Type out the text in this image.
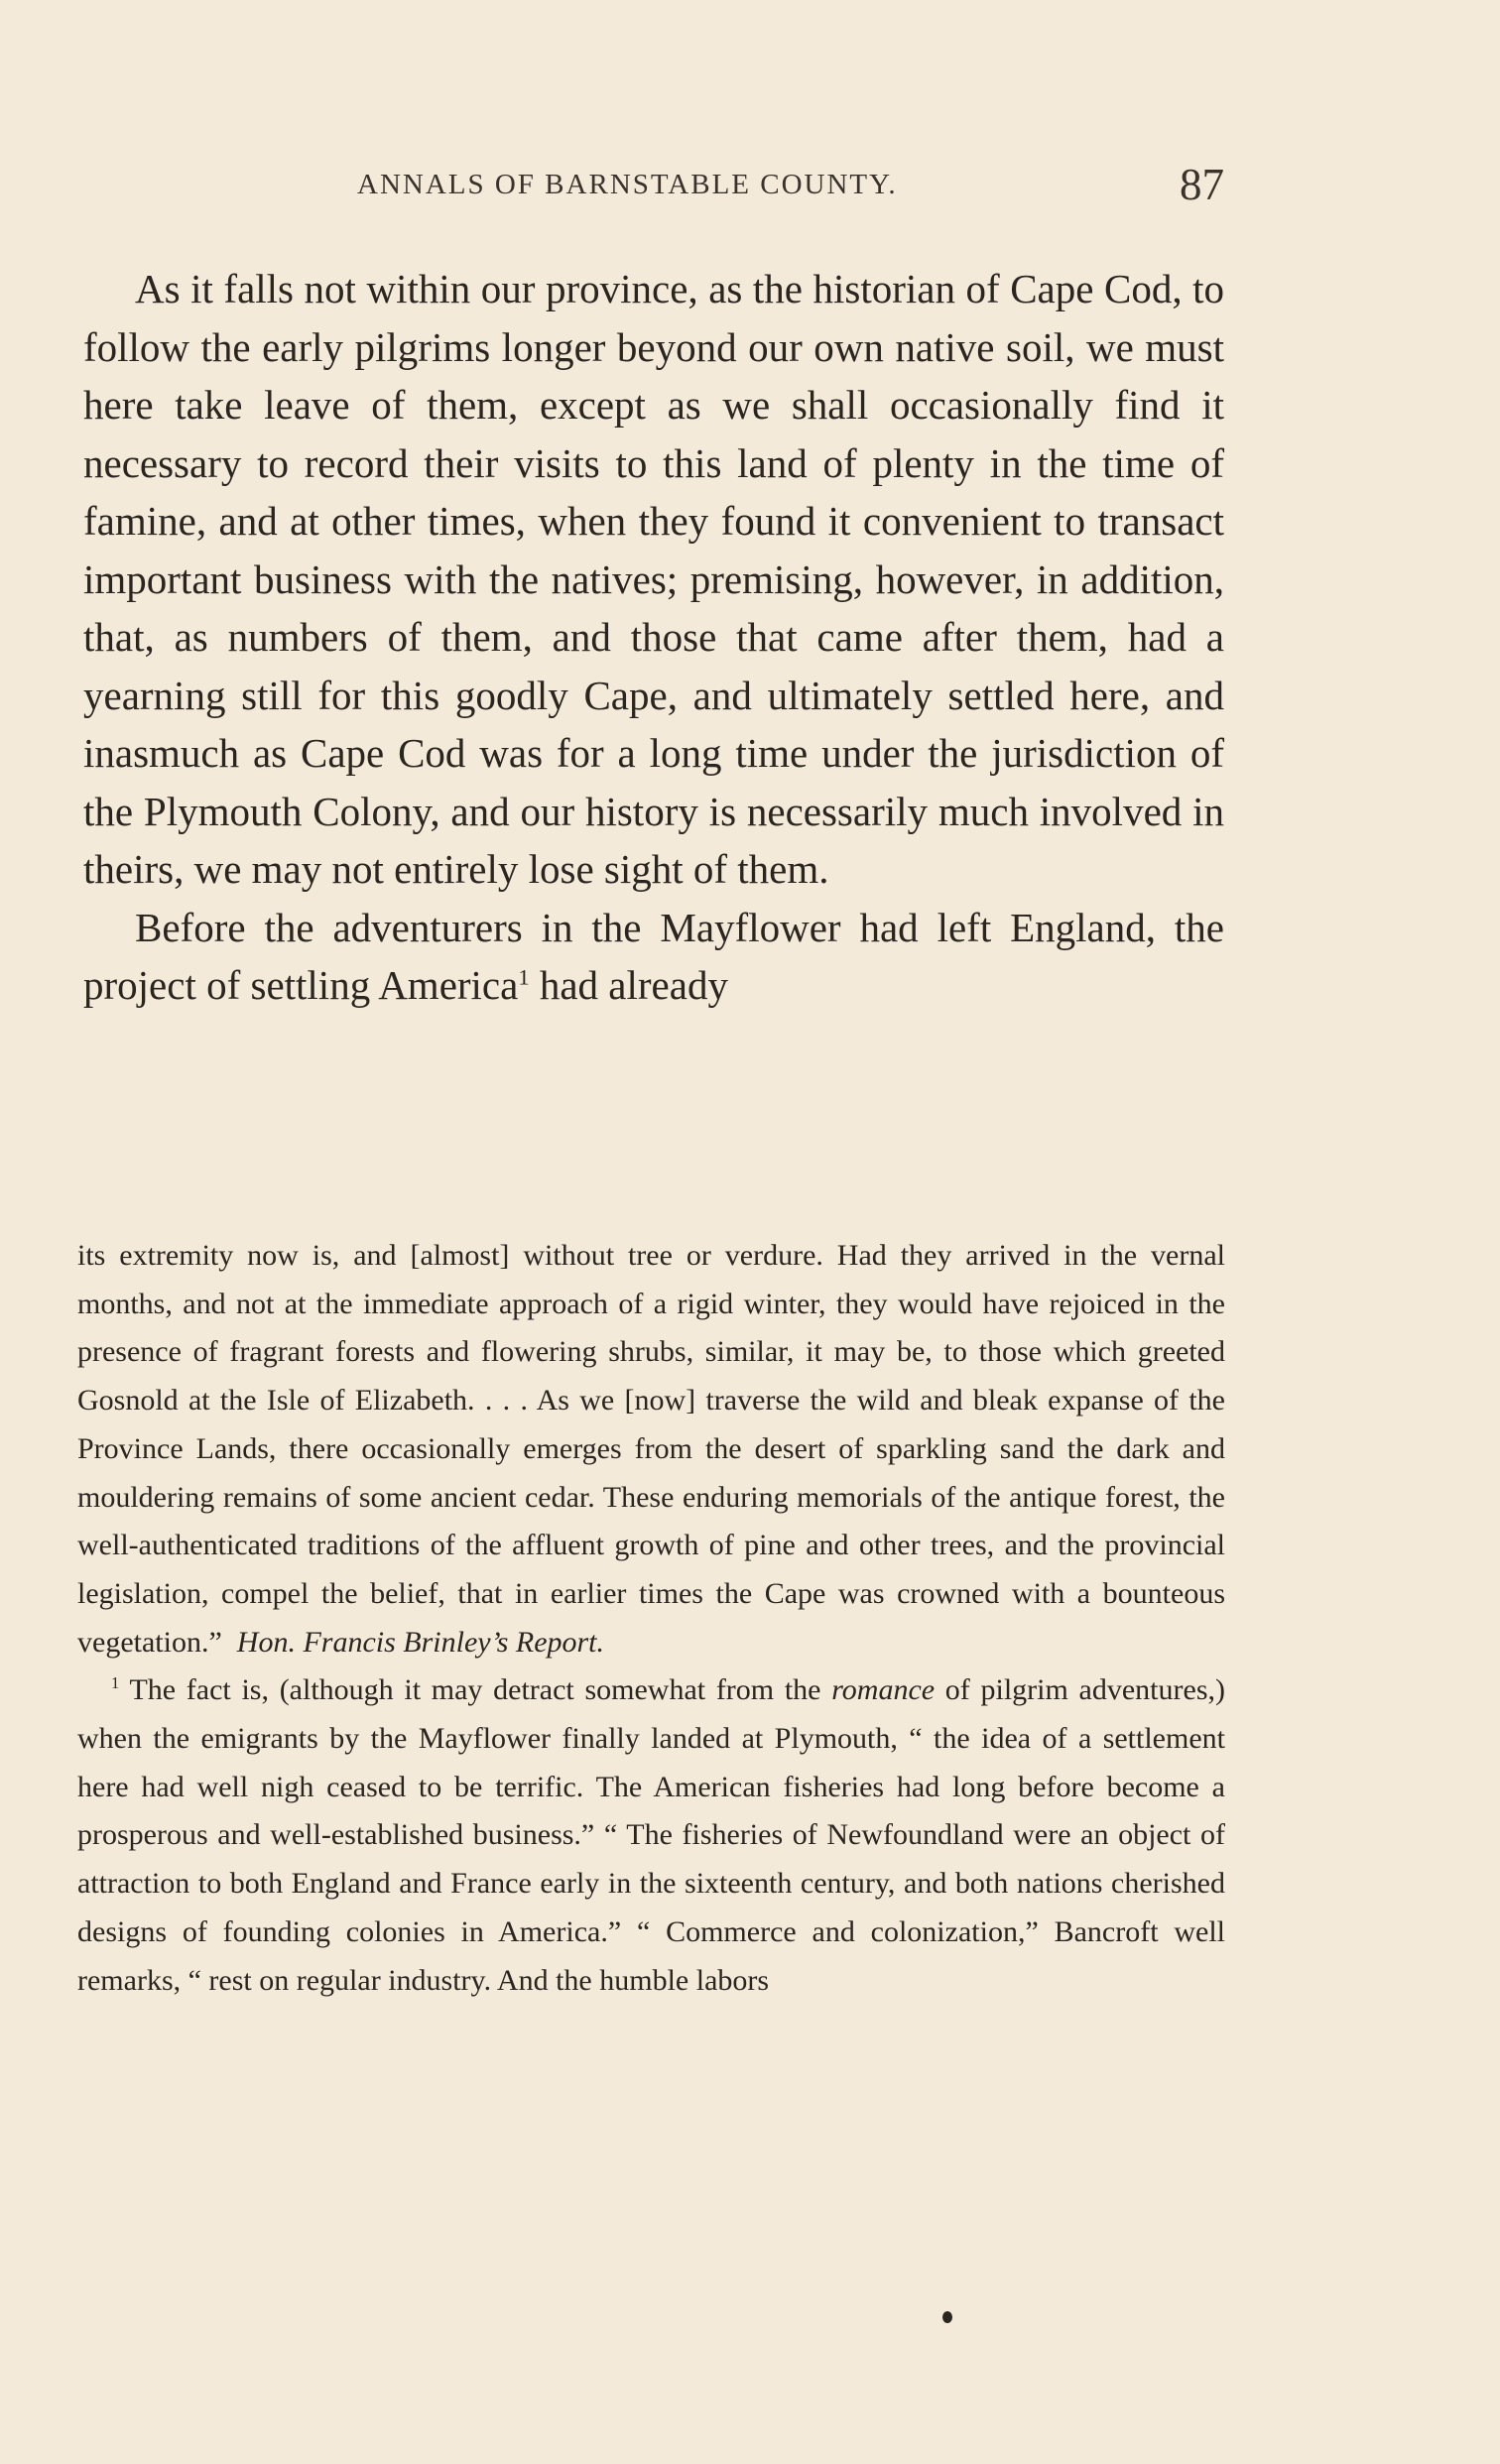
ANNALS OF BARNSTABLE COUNTY.	87

As it falls not within our province, as the historian of Cape Cod, to follow the early pilgrims longer beyond our own native soil, we must here take leave of them, except as we shall occasionally find it necessary to record their visits to this land of plenty in the time of famine, and at other times, when they found it convenient to transact important business with the natives; premising, however, in addition, that, as numbers of them, and those that came after them, had a yearning still for this goodly Cape, and ultimately settled here, and inasmuch as Cape Cod was for a long time under the jurisdiction of the Plymouth Colony, and our history is necessarily much involved in theirs, we may not entirely lose sight of them.

Before the adventurers in the Mayflower had left England, the project of settling America$^1$ had already

its extremity now is, and [almost] without tree or verdure. Had they arrived in the vernal months, and not at the immediate approach of a rigid winter, they would have rejoiced in the presence of fragrant forests and flowering shrubs, similar, it may be, to those which greeted Gosnold at the Isle of Elizabeth. . . . As we [now] traverse the wild and bleak expanse of the Province Lands, there occasionally emerges from the desert of sparkling sand the dark and mouldering remains of some ancient cedar. These enduring memorials of the antique forest, the well-authenticated traditions of the affluent growth of pine and other trees, and the provincial legislation, compel the belief, that in earlier times the Cape was crowned with a bounteous vegetation.” Hon. Francis Brinley’s Report.

$^1$ The fact is, (although it may detract somewhat from the romance of pilgrim adventures,) when the emigrants by the Mayflower finally landed at Plymouth, “ the idea of a settlement here had well nigh ceased to be terrific. The American fisheries had long before become a prosperous and well-established business.” “ The fisheries of Newfoundland were an object of attraction to both England and France early in the sixteenth century, and both nations cherished designs of founding colonies in America.” “ Commerce and colonization,” Bancroft well remarks, “ rest on regular industry. And the humble labors
